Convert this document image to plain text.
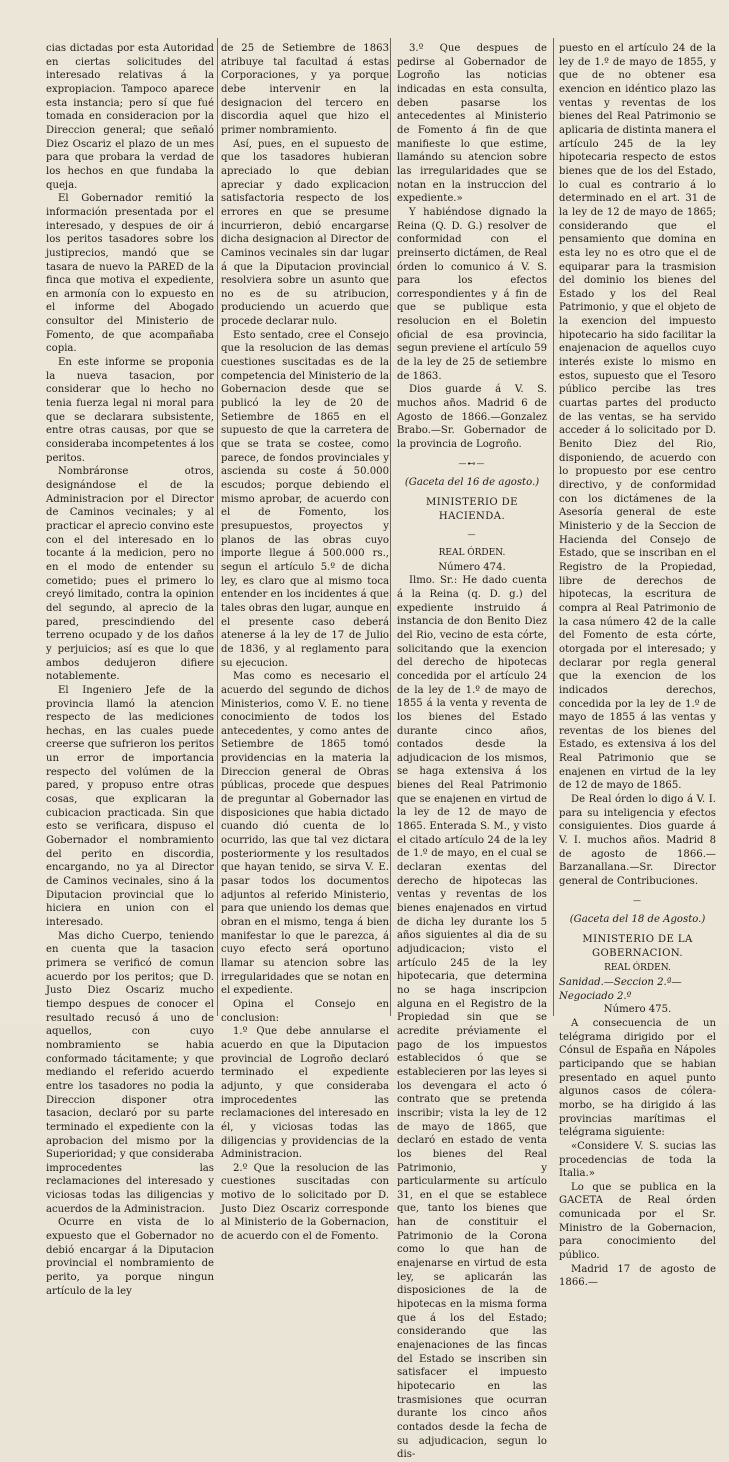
cias dictadas por esta Autoridad en ciertas solicitudes del interesado relativas á la expropiacion. Tampoco aparece esta instancia; pero sí que fué tomada en consideracion por la Direccion general; que señaló Diez Oscariz el plazo de un mes para que probara la verdad de los hechos en que fundaba la queja.

El Gobernador remitió la información presentada por el interesado, y despues de oir á los peritos tasadores sobre los justiprecios, mandó que se tasara de nuevo la PARED de la finca que motiva el expediente, en armonía con lo expuesto en el informe del Abogado consultor del Ministerio de Fomento, de que acompañaba copia.

En este informe se proponia la nueva tasacion, por considerar que lo hecho no tenia fuerza legal ni moral para que se declarara subsistente, entre otras causas, por que se consideraba incompetentes á los peritos.

Nombráronse otros, designándose el de la Administracion por el Director de Caminos vecinales; y al practicar el aprecio convino este con el del interesado en lo tocante á la medicion, pero no en el modo de entender su cometido; pues el primero lo creyó limitado, contra la opinion del segundo, al aprecio de la pared, prescindiendo del terreno ocupado y de los daños y perjuicios; así es que lo que ambos dedujeron difiere notablemente.

El Ingeniero Jefe de la provincia llamó la atencion respecto de las mediciones hechas, en las cuales puede creerse que sufrieron los peritos un error de importancia respecto del volúmen de la pared, y propuso entre otras cosas, que explicaran la cubicacion practicada. Sin que esto se verificara, dispuso el Gobernador el nombramiento del perito en discordia, encargando, no ya al Director de Caminos vecinales, sino á la Diputacion provincial que lo hiciera en union con el interesado.

Mas dicho Cuerpo, teniendo en cuenta que la tasacion primera se verificó de comun acuerdo por los peritos; que D. Justo Diez Oscariz mucho tiempo despues de conocer el resultado recusó á uno de aquellos, con cuyo nombramiento se habia conformado tácitamente; y que mediando el referido acuerdo entre los tasadores no podia la Direccion disponer otra tasacion, declaró por su parte terminado el expediente con la aprobacion del mismo por la Superioridad; y que consideraba improcedentes las reclamaciones del interesado y viciosas todas las diligencias y acuerdos de la Administracion.

Ocurre en vista de lo expuesto que el Gobernador no debió encargar á la Diputacion provincial el nombramiento de perito, ya porque ningun artículo de la ley

de 25 de Setiembre de 1863 atribuye tal facultad á estas Corporaciones, y ya porque debe intervenir en la designacion del tercero en discordia aquel que hizo el primer nombramiento.

Así, pues, en el supuesto de que los tasadores hubieran apreciado lo que debian apreciar y dado explicacion satisfactoria respecto de los errores en que se presume incurrieron, debió encargarse dicha designacion al Director de Caminos vecinales sin dar lugar á que la Diputacion provincial resolviera sobre un asunto que no es de su atribucion, produciendo un acuerdo que procede declarar nulo.

Esto sentado, cree el Consejo que la resolucion de las demas cuestiones suscitadas es de la competencia del Ministerio de la Gobernacion desde que se publicó la ley de 20 de Setiembre de 1865 en el supuesto de que la carretera de que se trata se costee, como parece, de fondos provinciales y ascienda su coste á 50.000 escudos; porque debiendo el mismo aprobar, de acuerdo con el de Fomento, los presupuestos, proyectos y planos de las obras cuyo importe llegue á 500.000 rs., segun el artículo 5.º de dicha ley, es claro que al mismo toca entender en los incidentes á que tales obras den lugar, aunque en el presente caso deberá atenerse á la ley de 17 de Julio de 1836, y al reglamento para su ejecucion.

Mas como es necesario el acuerdo del segundo de dichos Ministerios, como V. E. no tiene conocimiento de todos los antecedentes, y como antes de Setiembre de 1865 tomó providencias en la materia la Direccion general de Obras públicas, procede que despues de preguntar al Gobernador las disposiciones que habia dictado cuando dió cuenta de lo ocurrido, las que tal vez dictara posteriormente y los resultados que hayan tenido, se sirva V. E. pasar todos los documentos adjuntos al referido Ministerio, para que uniendo los demas que obran en el mismo, tenga á bien manifestar lo que le parezca, á cuyo efecto será oportuno llamar su atencion sobre las irregularidades que se notan en el expediente.

Opina el Consejo en conclusion:

1.º Que debe annularse el acuerdo en que la Diputacion provincial de Logroño declaró terminado el expediente adjunto, y que consideraba improcedentes las reclamaciones del interesado en él, y viciosas todas las diligencias y providencias de la Administracion.

2.º Que la resolucion de las cuestiones suscitadas con motivo de lo solicitado por D. Justo Diez Oscariz corresponde al Ministerio de la Gobernacion, de acuerdo con el de Fomento.

3.º Que despues de pedirse al Gobernador de Logroño las noticias indicadas en esta consulta, deben pasarse los antecedentes al Ministerio de Fomento á fin de que manifieste lo que estime, llamándo su atencion sobre las irregularidades que se notan en la instruccion del expediente.»

Y habiéndose dignado la Reina (Q. D. G.) resolver de conformidad con el preinserto dictámen, de Real órden lo comunico á V. S. para los efectos correspondientes y á fin de que se publique esta resolucion en el Boletin oficial de esa provincia, segun previene el artículo 59 de la ley de 25 de setiembre de 1863.

Dios guarde á V. S. muchos años. Madrid 6 de Agosto de 1866.—Gonzalez Brabo.—Sr. Gobernador de la provincia de Logroño.

—⊷—

(Gaceta del 16 de agosto.)

MINISTERIO DE HACIENDA.

—

REAL ÓRDEN.

Número 474.

Ilmo. Sr.: He dado cuenta á la Reina (q. D. g.) del expediente instruido á instancia de don Benito Diez del Rio, vecino de esta córte, solicitando que la exencion del derecho de hipotecas concedida por el artículo 24 de la ley de 1.º de mayo de 1855 á la venta y reventa de los bienes del Estado durante cinco años, contados desde la adjudicacion de los mismos, se haga extensiva á los bienes del Real Patrimonio que se enajenen en virtud de la ley de 12 de mayo de 1865. Enterada S. M., y visto el citado artículo 24 de la ley de 1.º de mayo, en el cual se declaran exentas del derecho de hipotecas las ventas y reventas de los bienes enajenados en virtud de dicha ley durante los 5 años siguientes al dia de su adjudicacion; visto el artículo 245 de la ley hipotecaria, que determina no se haga inscripcion alguna en el Registro de la Propiedad sin que se acredite préviamente el pago de los impuestos establecidos ó que se establecieren por las leyes si los devengara el acto ó contrato que se pretenda inscribir; vista la ley de 12 de mayo de 1865, que declaró en estado de venta los bienes del Real Patrimonio, y particularmente su artículo 31, en el que se establece que, tanto los bienes que han de constituir el Patrimonio de la Corona como lo que han de enajenarse en virtud de esta ley, se aplicarán las disposiciones de la de hipotecas en la misma forma que á los del Estado; considerando que las enajenaciones de las fincas del Estado se inscriben sin satisfacer el impuesto hipotecario en las trasmisiones que ocurran durante los cinco años contados desde la fecha de su adjudicacion, segun lo dis-

puesto en el artículo 24 de la ley de 1.º de mayo de 1855, y que de no obtener esa exencion en idéntico plazo las ventas y reventas de los bienes del Real Patrimonio se aplicaria de distinta manera el artículo 245 de la ley hipotecaria respecto de estos bienes que de los del Estado, lo cual es contrario á lo determinado en el art. 31 de la ley de 12 de mayo de 1865; considerando que el pensamiento que domina en esta ley no es otro que el de equiparar para la trasmision del dominio los bienes del Estado y los del Real Patrimonio, y que el objeto de la exencion del impuesto hipotecario ha sido facilitar la enajenacion de aquellos cuyo interés existe lo mismo en estos, supuesto que el Tesoro público percibe las tres cuartas partes del producto de las ventas, se ha servido acceder á lo solicitado por D. Benito Diez del Rio, disponiendo, de acuerdo con lo propuesto por ese centro directivo, y de conformidad con los dictámenes de la Asesoría general de este Ministerio y de la Seccion de Hacienda del Consejo de Estado, que se inscriban en el Registro de la Propiedad, libre de derechos de hipotecas, la escritura de compra al Real Patrimonio de la casa número 42 de la calle del Fomento de esta córte, otorgada por el interesado; y declarar por regla general que la exencion de los indicados derechos, concedida por la ley de 1.º de mayo de 1855 á las ventas y reventas de los bienes del Estado, es extensiva á los del Real Patrimonio que se enajenen en virtud de la ley de 12 de mayo de 1865.

De Real órden lo digo á V. I. para su inteligencia y efectos consiguientes. Dios guarde á V. I. muchos años. Madrid 8 de agosto de 1866.—Barzanallana.—Sr. Director general de Contribuciones.

—

(Gaceta del 18 de Agosto.)

MINISTERIO DE LA GOBERNACION.

REAL ÓRDEN.

Sanidad.—Seccion 2.ª—Negociado 2.º

Número 475.

A consecuencia de un telégrama dirigido por el Cónsul de España en Nápoles participando que se habian presentado en aquel punto algunos casos de cólera-morbo, se ha dirigido á las provincias marítimas el telégrama siguiente:

«Considere V. S. sucias las procedencias de toda la Italia.»

Lo que se publica en la GACETA de Real órden comunicada por el Sr. Ministro de la Gobernacion, para conocimiento del público.

Madrid 17 de agosto de 1866.—
